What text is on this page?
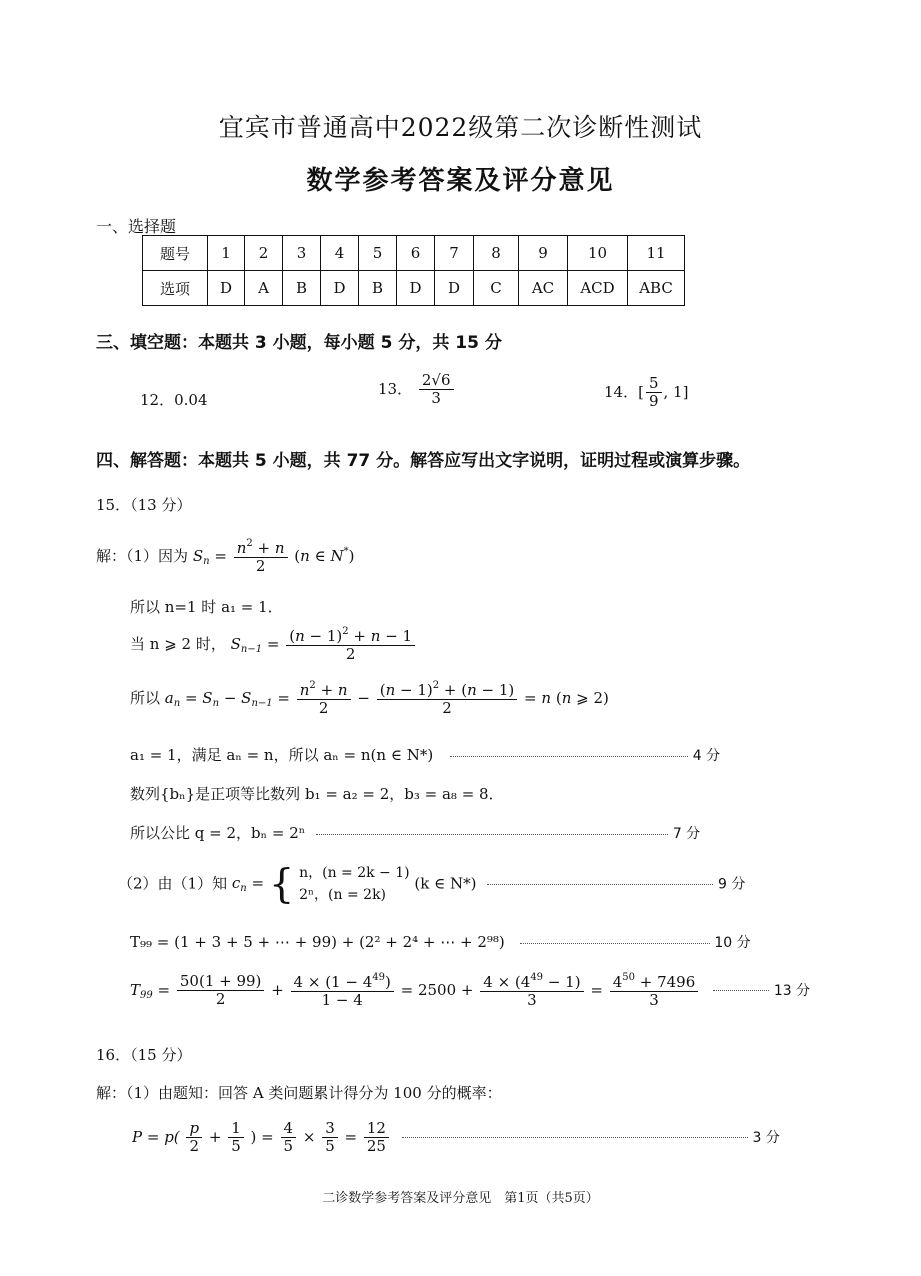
宜宾市普通高中2022级第二次诊断性测试
数学参考答案及评分意见
一、选择题
题号	1	2	3	4	5	6	7	8	9	10	11
选项	D	A	B	D	B	D	D	C	AC	ACD	ABC
三、填空题：本题共 3 小题，每小题 5 分，共 15 分
12．0.04
13． $\frac{2√6}{3}$	14．[ $\frac{5}{9}$ , 1]
四、解答题：本题共 5 小题，共 77 分。解答应写出文字说明，证明过程或演算步骤。
15．（13 分）
解：（1）因为 $S_n = \frac{n^2 + n}{2} (n$ ∈ N*)
所以 n=1 时 a₁ = 1．
当 n ⩾ 2 时， $S_{n-1} = \frac{(n - 1)^2 + n - 1}{2}$
所以 $a_n = S_n - S_{n-1} = \frac{n^2 + n}{2} - \frac{(n - 1)^2 + (n - 1)}{2} = n$ (n ⩾ 2)
a₁ = 1，满足 aₙ = n，所以 aₙ = n(n ∈ N*)	4 分
数列{bₙ}是正项等比数列 b₁ = a₂ = 2，b₃ = a₈ = 8．
所以公比 q = 2，bₙ = 2ⁿ	7 分
（2）由（1）知 $c_n$ = { n，(n = 2k − 1)
2ⁿ，(n = 2k)
(k ∈ N*)	9 分
T₉₉ = (1 + 3 + 5 + ⋯ + 99) + (2² + 2⁴ + ⋯ + 2⁹⁸)	10 分
$T_{99} = \frac{50(1 + 99)}{2} + \frac{4 \times (1 - 4^{49})}{1 - 4} = 2500 + \frac{4 \times (4^{49} - 1)}{3} = \frac{4^{50} + 7496}{3}$	13 分
16．（15 分）
解：（1）由题知：回答 A 类问题累计得分为 100 分的概率：
$P = p( \frac{p}{2} + \frac{1}{5}$ ) = $\frac{4}{5} \times \frac{3}{5} = \frac{12}{25}$	3 分
二诊数学参考答案及评分意见　第1页（共5页）
